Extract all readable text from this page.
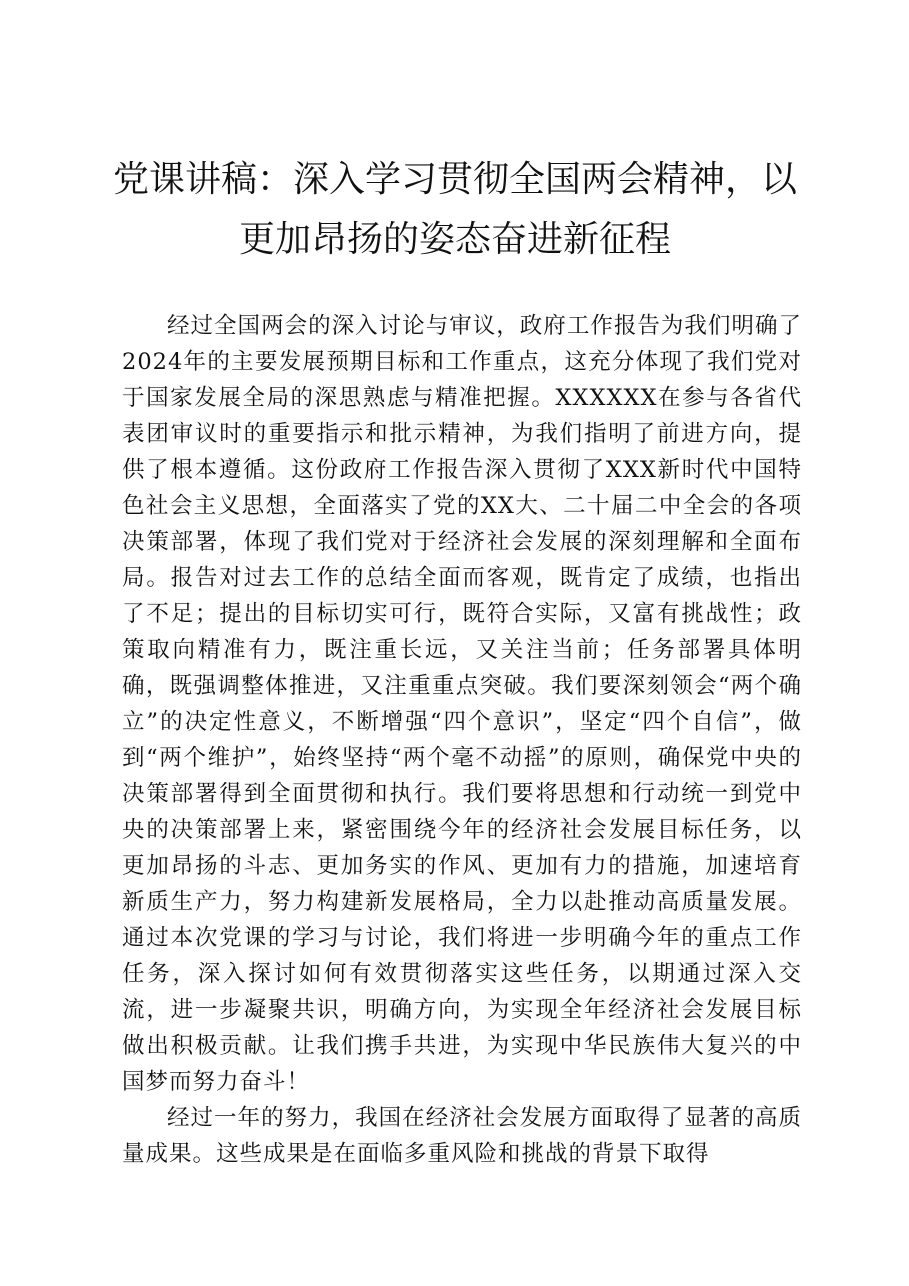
党课讲稿：深入学习贯彻全国两会精神，以更加昂扬的姿态奋进新征程

经过全国两会的深入讨论与审议，政府工作报告为我们明确了2024年的主要发展预期目标和工作重点，这充分体现了我们党对于国家发展全局的深思熟虑与精准把握。XXXXXX在参与各省代表团审议时的重要指示和批示精神，为我们指明了前进方向，提供了根本遵循。这份政府工作报告深入贯彻了XXX新时代中国特色社会主义思想，全面落实了党的XX大、二十届二中全会的各项决策部署，体现了我们党对于经济社会发展的深刻理解和全面布局。报告对过去工作的总结全面而客观，既肯定了成绩，也指出了不足；提出的目标切实可行，既符合实际，又富有挑战性；政策取向精准有力，既注重长远，又关注当前；任务部署具体明确，既强调整体推进，又注重重点突破。我们要深刻领会“两个确立”的决定性意义，不断增强“四个意识”，坚定“四个自信”，做到“两个维护”，始终坚持“两个毫不动摇”的原则，确保党中央的决策部署得到全面贯彻和执行。我们要将思想和行动统一到党中央的决策部署上来，紧密围绕今年的经济社会发展目标任务，以更加昂扬的斗志、更加务实的作风、更加有力的措施，加速培育新质生产力，努力构建新发展格局，全力以赴推动高质量发展。通过本次党课的学习与讨论，我们将进一步明确今年的重点工作任务，深入探讨如何有效贯彻落实这些任务，以期通过深入交流，进一步凝聚共识，明确方向，为实现全年经济社会发展目标做出积极贡献。让我们携手共进，为实现中华民族伟大复兴的中国梦而努力奋斗！

经过一年的努力，我国在经济社会发展方面取得了显著的高质量成果。这些成果是在面临多重风险和挑战的背景下取得
